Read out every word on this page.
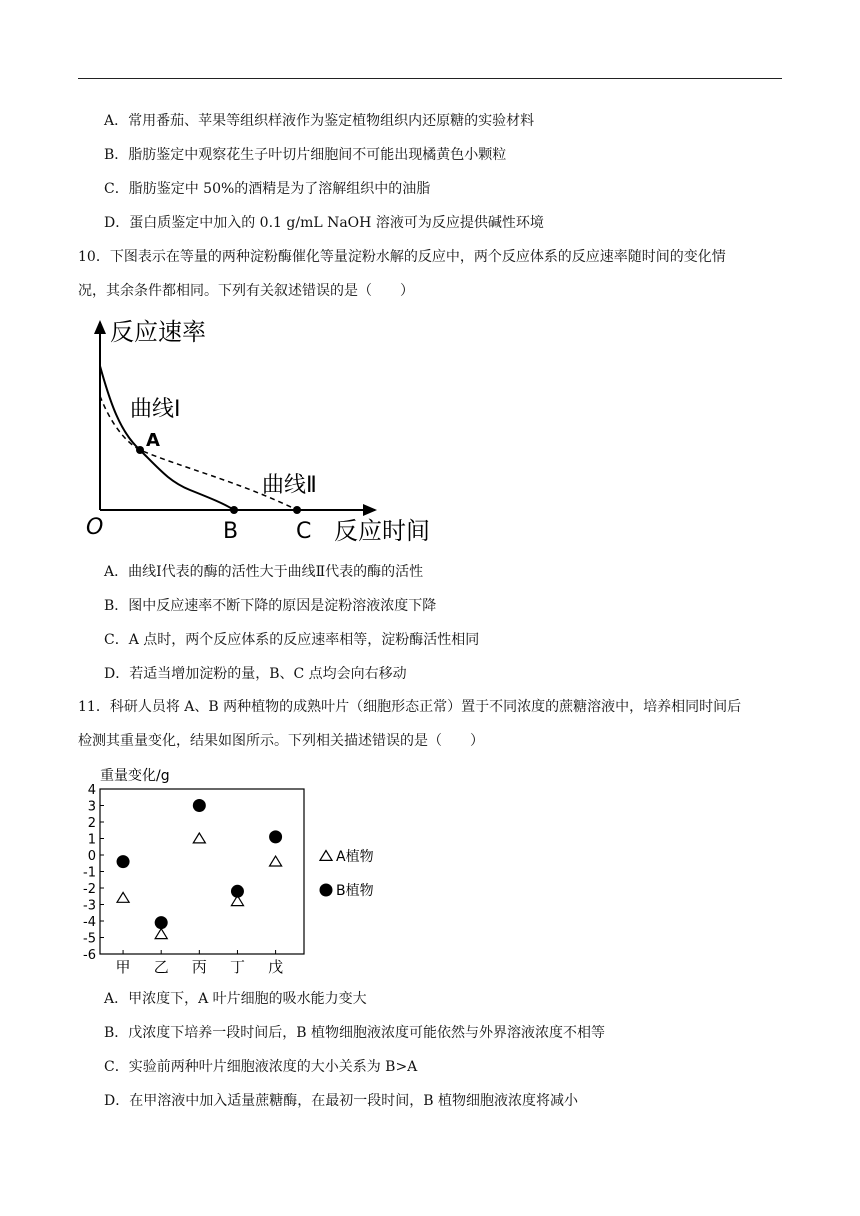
A．常用番茄、苹果等组织样液作为鉴定植物组织内还原糖的实验材料
B．脂肪鉴定中观察花生子叶切片细胞间不可能出现橘黄色小颗粒
C．脂肪鉴定中 50%的酒精是为了溶解组织中的油脂
D．蛋白质鉴定中加入的 0.1 g/mL NaOH 溶液可为反应提供碱性环境
10．下图表示在等量的两种淀粉酶催化等量淀粉水解的反应中，两个反应体系的反应速率随时间的变化情
况，其余条件都相同。下列有关叙述错误的是（　　）
反应速率
曲线Ⅰ
A
曲线Ⅱ
O	B	C 反应时间
A．曲线Ⅰ代表的酶的活性大于曲线Ⅱ代表的酶的活性
B．图中反应速率不断下降的原因是淀粉溶液浓度下降
C．A 点时，两个反应体系的反应速率相等，淀粉酶活性相同
D．若适当增加淀粉的量，B、C 点均会向右移动
11．科研人员将 A、B 两种植物的成熟叶片（细胞形态正常）置于不同浓度的蔗糖溶液中，培养相同时间后
检测其重量变化，结果如图所示。下列相关描述错误的是（　　）
重量变化/g
4
3
2
1
0
-1
-2
-3
-4
-5
-6
甲 乙 丙 丁 戊
A植物
B植物
A．甲浓度下，A 叶片细胞的吸水能力变大
B．戊浓度下培养一段时间后，B 植物细胞液浓度可能依然与外界溶液浓度不相等
C．实验前两种叶片细胞液浓度的大小关系为 B>A
D．在甲溶液中加入适量蔗糖酶，在最初一段时间，B 植物细胞液浓度将减小
